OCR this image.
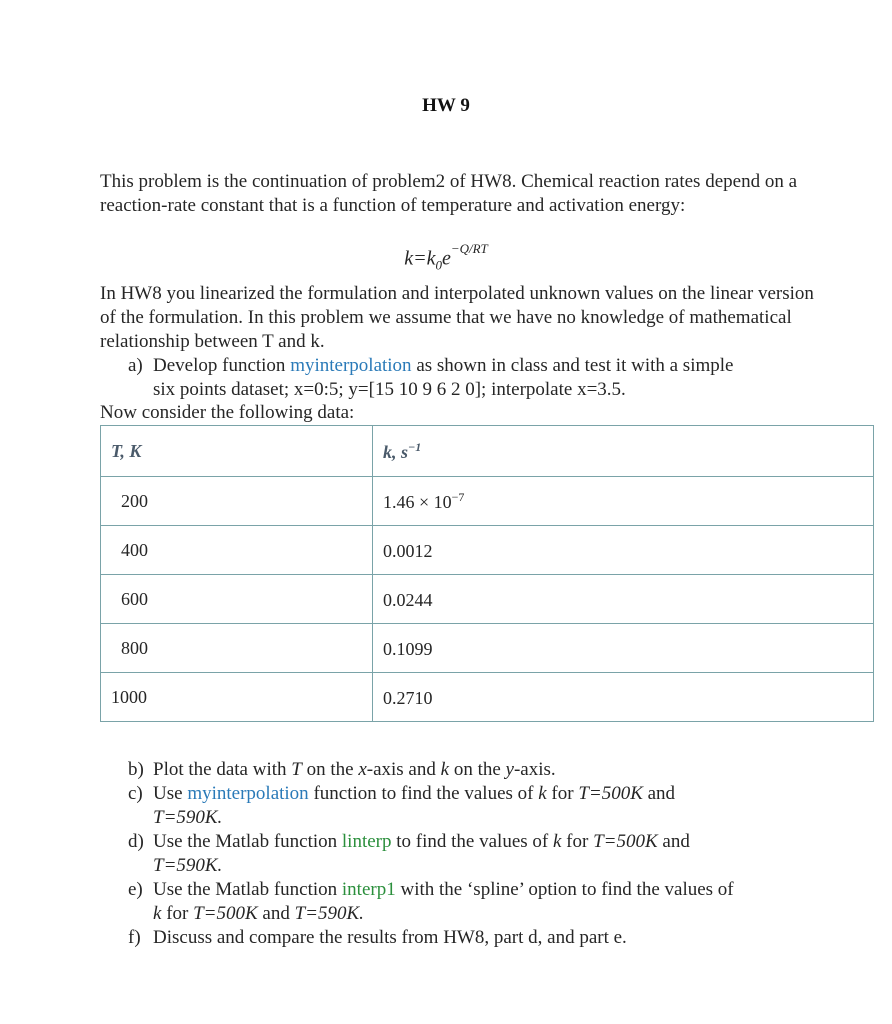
HW 9

This problem is the continuation of problem2 of HW8. Chemical reaction rates depend on a reaction-rate constant that is a function of temperature and activation energy:

$k=k_0e^{-Q/RT}$

In HW8 you linearized the formulation and interpolated unknown values on the linear version of the formulation. In this problem we assume that we have no knowledge of mathematical relationship between T and k.

a) Develop function myinterpolation as shown in class and test it with a simple
six points dataset; x=0:5; y=[15 10 9 6 2 0]; interpolate x=3.5.
Now consider the following data:
T, K	k, $s^{-1}$
200	$1.46 \times 10^{-7}$
400	0.0012
600	0.0244
800	0.1099
1000	0.2710
b) Plot the data with T on the x-axis and k on the y-axis.
c) Use myinterpolation function to find the values of k for T=500K and
T=590K.
d) Use the Matlab function linterp to find the values of k for T=500K and
T=590K.
e) Use the Matlab function interp1 with the ‘spline’ option to find the values of
k for T=500K and T=590K.
f) Discuss and compare the results from HW8, part d, and part e.
